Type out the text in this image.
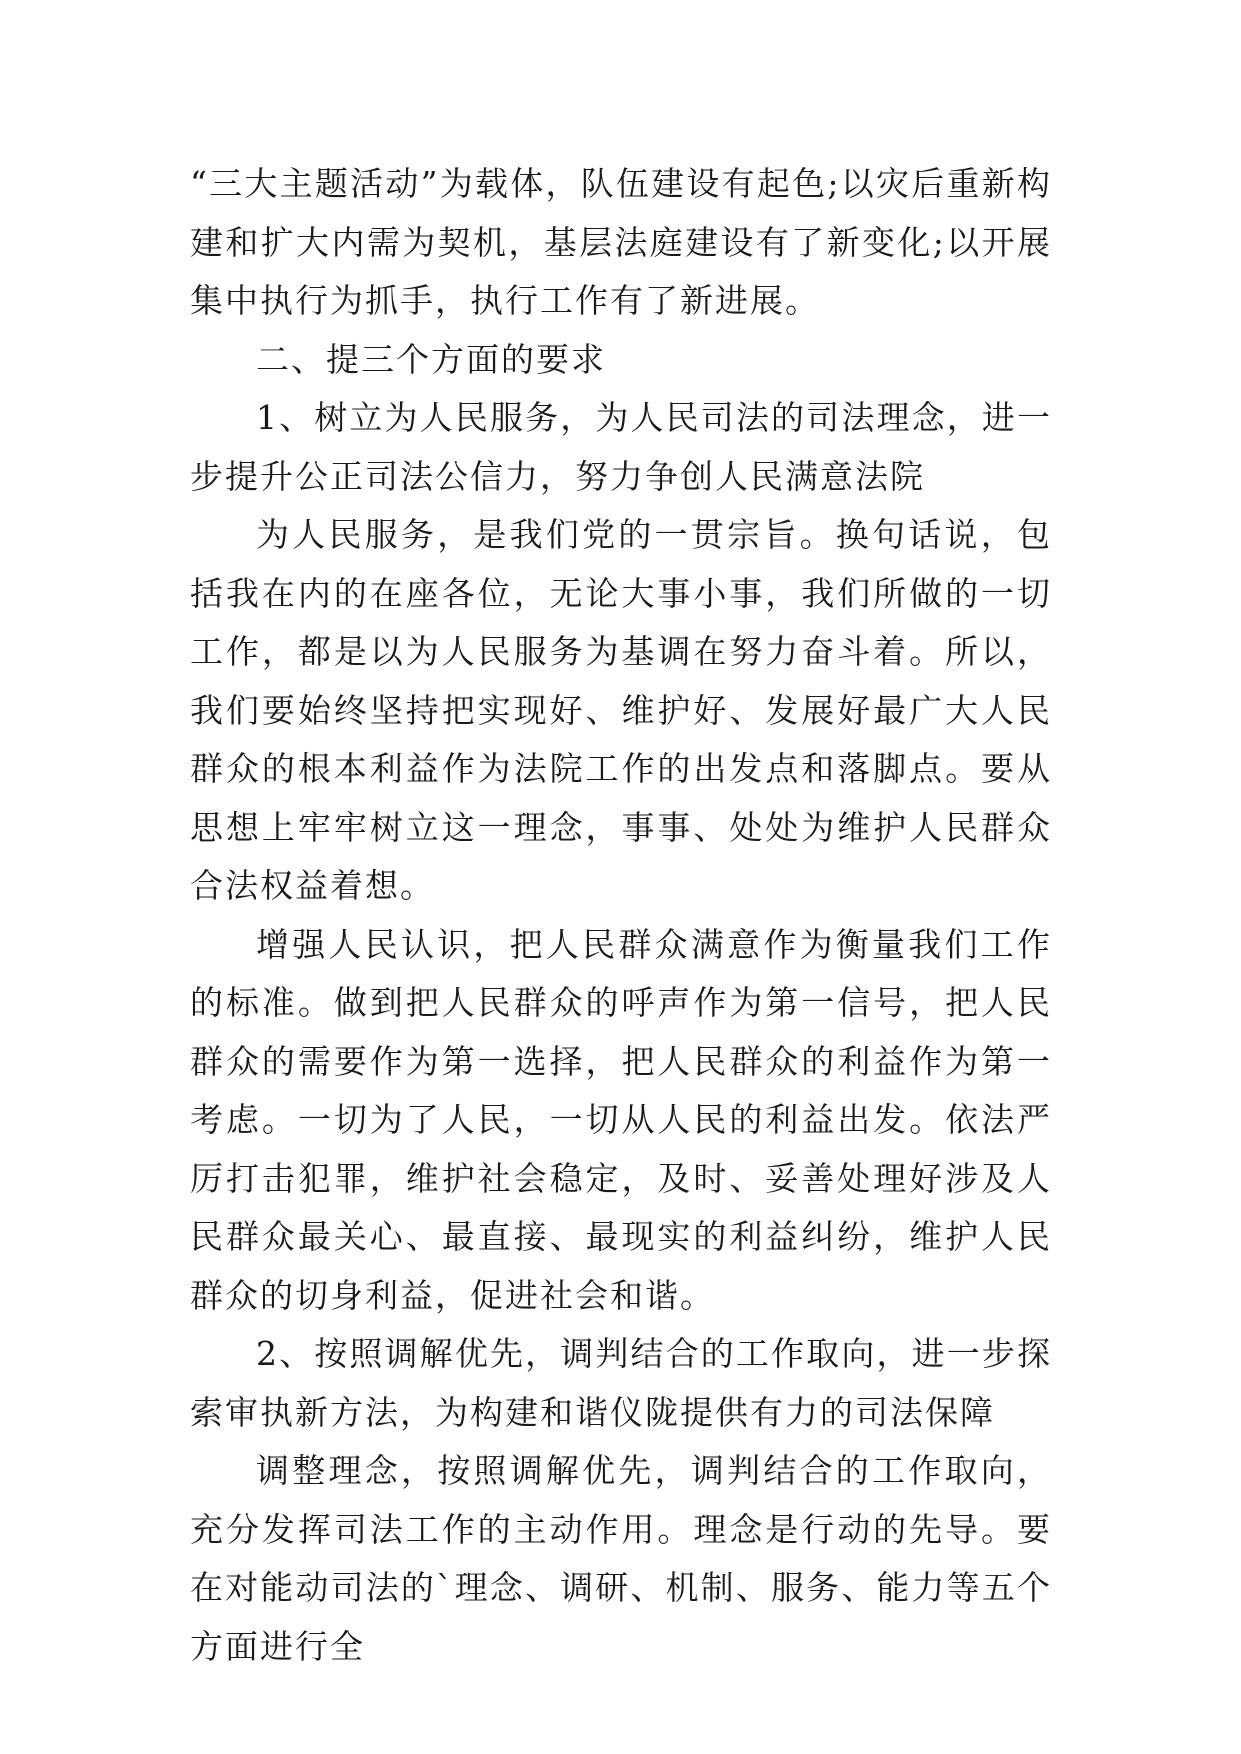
“三大主题活动”为载体，队伍建设有起色;以灾后重新构建和扩大内需为契机，基层法庭建设有了新变化;以开展集中执行为抓手，执行工作有了新进展。

二、提三个方面的要求

1、树立为人民服务，为人民司法的司法理念，进一步提升公正司法公信力，努力争创人民满意法院

为人民服务，是我们党的一贯宗旨。换句话说，包括我在内的在座各位，无论大事小事，我们所做的一切工作，都是以为人民服务为基调在努力奋斗着。所以，我们要始终坚持把实现好、维护好、发展好最广大人民群众的根本利益作为法院工作的出发点和落脚点。要从思想上牢牢树立这一理念，事事、处处为维护人民群众合法权益着想。

增强人民认识，把人民群众满意作为衡量我们工作的标准。做到把人民群众的呼声作为第一信号，把人民群众的需要作为第一选择，把人民群众的利益作为第一考虑。一切为了人民，一切从人民的利益出发。依法严厉打击犯罪，维护社会稳定，及时、妥善处理好涉及人民群众最关心、最直接、最现实的利益纠纷，维护人民群众的切身利益，促进社会和谐。

2、按照调解优先，调判结合的工作取向，进一步探索审执新方法，为构建和谐仪陇提供有力的司法保障

调整理念，按照调解优先，调判结合的工作取向，充分发挥司法工作的主动作用。理念是行动的先导。要在对能动司法的`理念、调研、机制、服务、能力等五个方面进行全
